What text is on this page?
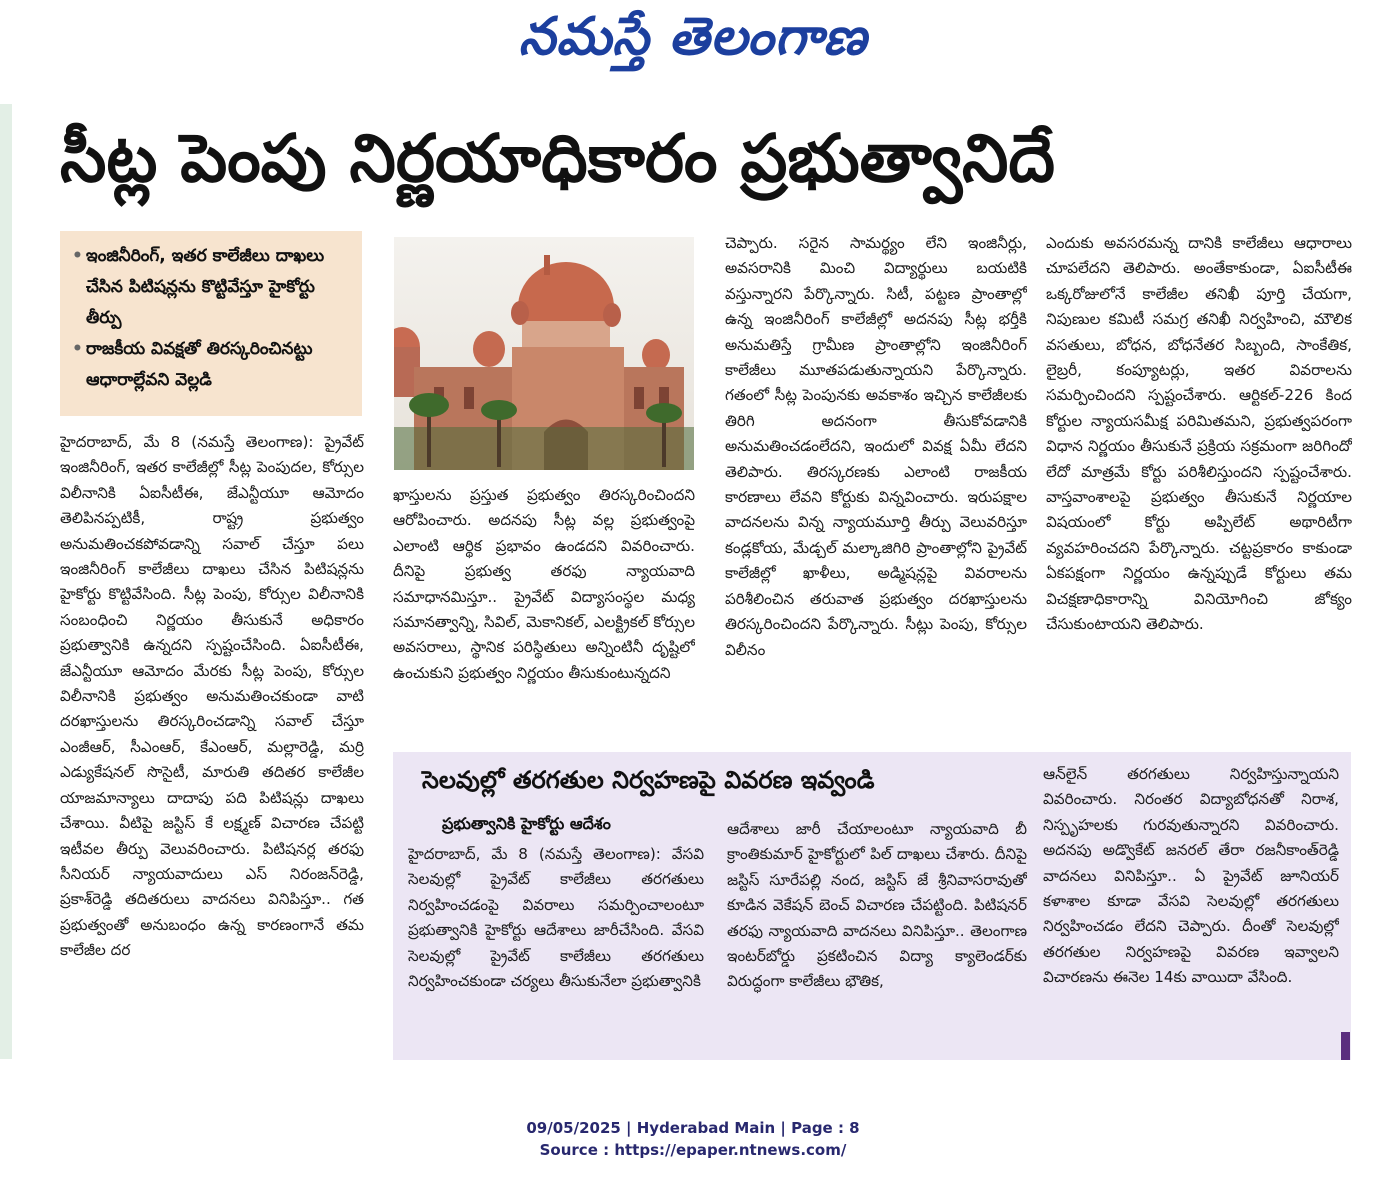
నమస్తే తెలంగాణ
సీట్ల పెంపు నిర్ణయాధికారం ప్రభుత్వానిదే
• ఇంజినీరింగ్, ఇతర కాలేజీలు దాఖలు చేసిన పిటిషన్లను కొట్టివేస్తూ హైకోర్టు తీర్పు
• రాజకీయ వివక్షతో తిరస్కరించినట్టు ఆధారాల్లేవని వెల్లడి
హైదరాబాద్, మే 8 (నమస్తే తెలంగాణ): ప్రైవేట్ ఇంజినీరింగ్, ఇతర కాలేజీల్లో సీట్ల పెంపుదల, కోర్సుల విలీనానికి ఏఐసీటీఈ, జేఎన్టీయూ ఆమోదం తెలిపినప్పటికీ, రాష్ట్ర ప్రభుత్వం అనుమతించకపోవడాన్ని సవాల్ చేస్తూ పలు ఇంజినీరింగ్ కాలేజీలు దాఖలు చేసిన పిటిషన్లను హైకోర్టు కొట్టివేసింది. సీట్ల పెంపు, కోర్సుల విలీనానికి సంబంధించి నిర్ణయం తీసుకునే అధికారం ప్రభుత్వానికి ఉన్నదని స్పష్టంచేసింది. ఏఐసీటీఈ, జేఎన్టీయూ ఆమోదం మేరకు సీట్ల పెంపు, కోర్సుల విలీనానికి ప్రభుత్వం అనుమతించకుండా వాటి దరఖాస్తులను తిరస్కరించడాన్ని సవాల్ చేస్తూ ఎంజీఆర్, సీఎంఆర్, కేఎంఆర్, మల్లారెడ్డి, మర్రి ఎడ్యుకేషనల్ సొసైటీ, మారుతి తదితర కాలేజీల యాజమాన్యాలు దాదాపు పది పిటిషన్లు దాఖలు చేశాయి. వీటిపై జస్టిస్ కే లక్ష్మణ్ విచారణ చేపట్టి ఇటీవల తీర్పు వెలువరించారు. పిటిషనర్ల తరఫు సీనియర్ న్యాయవాదులు ఎస్ నిరంజన్‌రెడ్డి, ప్రకాశ్‌రెడ్డి తదితరులు వాదనలు వినిపిస్తూ.. గత ప్రభుత్వంతో అనుబంధం ఉన్న కారణంగానే తమ కాలేజీల దర
ఖాస్తులను ప్రస్తుత ప్రభుత్వం తిరస్కరించిందని ఆరోపించారు. అదనపు సీట్ల వల్ల ప్రభుత్వంపై ఎలాంటి ఆర్థిక ప్రభావం ఉండదని వివరించారు. దీనిపై ప్రభుత్వ తరఫు న్యాయవాది సమాధానమిస్తూ.. ప్రైవేట్ విద్యాసంస్థల మధ్య సమానత్వాన్ని, సివిల్, మెకానికల్, ఎలక్ట్రికల్ కోర్సుల అవసరాలు, స్థానిక పరిస్థితులు అన్నింటినీ దృష్టిలో ఉంచుకుని ప్రభుత్వం నిర్ణయం తీసుకుంటున్నదని
చెప్పారు. సరైన సామర్థ్యం లేని ఇంజినీర్లు, అవసరానికి మించి విద్యార్థులు బయటికి వస్తున్నారని పేర్కొన్నారు. సిటీ, పట్టణ ప్రాంతాల్లో ఉన్న ఇంజినీరింగ్ కాలేజీల్లో అదనపు సీట్ల భర్తీకి అనుమతిస్తే గ్రామీణ ప్రాంతాల్లోని ఇంజినీరింగ్ కాలేజీలు మూతపడుతున్నాయని పేర్కొన్నారు. గతంలో సీట్ల పెంపునకు అవకాశం ఇచ్చిన కాలేజీలకు తిరిగి అదనంగా తీసుకోవడానికి అనుమతించడంలేదని, ఇందులో వివక్ష ఏమీ లేదని తెలిపారు. తిరస్కరణకు ఎలాంటి రాజకీయ కారణాలు లేవని కోర్టుకు విన్నవించారు. ఇరుపక్షాల వాదనలను విన్న న్యాయమూర్తి తీర్పు వెలువరిస్తూ కండ్లకోయ, మేడ్చల్ మల్కాజిగిరి ప్రాంతాల్లోని ప్రైవేట్ కాలేజీల్లో ఖాళీలు, అడ్మిషన్లపై వివరాలను పరిశీలించిన తరువాత ప్రభుత్వం దరఖాస్తులను తిరస్కరించిందని పేర్కొన్నారు. సీట్లు పెంపు, కోర్సుల విలీనం
ఎందుకు అవసరమన్న దానికి కాలేజీలు ఆధారాలు చూపలేదని తెలిపారు. అంతేకాకుండా, ఏఐసీటీఈ ఒక్కరోజులోనే కాలేజీల తనిఖీ పూర్తి చేయగా, నిపుణుల కమిటీ సమగ్ర తనిఖీ నిర్వహించి, మౌలిక వసతులు, బోధన, బోధనేతర సిబ్బంది, సాంకేతిక, లైబ్రరీ, కంప్యూటర్లు, ఇతర వివరాలను సమర్పించిందని స్పష్టంచేశారు. ఆర్టికల్-226 కింద కోర్టుల న్యాయసమీక్ష పరిమితమని, ప్రభుత్వపరంగా విధాన నిర్ణయం తీసుకునే ప్రక్రియ సక్రమంగా జరిగిందో లేదో మాత్రమే కోర్టు పరిశీలిస్తుందని స్పష్టంచేశారు. వాస్తవాంశాలపై ప్రభుత్వం తీసుకునే నిర్ణయాల విషయంలో కోర్టు అప్పిలేట్ అథారిటీగా వ్యవహరించదని పేర్కొన్నారు. చట్టప్రకారం కాకుండా ఏకపక్షంగా నిర్ణయం ఉన్నప్పుడే కోర్టులు తమ విచక్షణాధికారాన్ని వినియోగించి జోక్యం చేసుకుంటాయని తెలిపారు.
సెలవుల్లో తరగతుల నిర్వహణపై వివరణ ఇవ్వండి
ప్రభుత్వానికి హైకోర్టు ఆదేశం
హైదరాబాద్, మే 8 (నమస్తే తెలంగాణ): వేసవి సెలవుల్లో ప్రైవేట్ కాలేజీలు తరగతులు నిర్వహించడంపై వివరాలు సమర్పించాలంటూ ప్రభుత్వానికి హైకోర్టు ఆదేశాలు జారీచేసింది. వేసవి సెలవుల్లో ప్రైవేట్ కాలేజీలు తరగతులు నిర్వహించకుండా చర్యలు తీసుకునేలా ప్రభుత్వానికి
ఆదేశాలు జారీ చేయాలంటూ న్యాయవాది బీ క్రాంతికుమార్ హైకోర్టులో పిల్ దాఖలు చేశారు. దీనిపై జస్టిస్ సూరేపల్లి నంద, జస్టిస్ జే శ్రీనివాసరావుతో కూడిన వెకేషన్ బెంచ్ విచారణ చేపట్టింది. పిటిషనర్ తరఫు న్యాయవాది వాదనలు వినిపిస్తూ.. తెలంగాణ ఇంటర్‌బోర్డు ప్రకటించిన విద్యా క్యాలెండర్‌కు విరుద్ధంగా కాలేజీలు భౌతిక,
ఆన్‌లైన్ తరగతులు నిర్వహిస్తున్నాయని వివరించారు. నిరంతర విద్యాబోధనతో నిరాశ, నిస్పృహలకు గురవుతున్నారని వివరించారు. అదనపు అడ్వొకేట్ జనరల్ తేరా రజనీకాంత్‌రెడ్డి వాదనలు వినిపిస్తూ.. ఏ ప్రైవేట్ జూనియర్ కళాశాల కూడా వేసవి సెలవుల్లో తరగతులు నిర్వహించడం లేదని చెప్పారు. దీంతో సెలవుల్లో తరగతుల నిర్వహణపై వివరణ ఇవ్వాలని విచారణను ఈనెల 14కు వాయిదా వేసింది.
09/05/2025 | Hyderabad Main | Page : 8
Source : https://epaper.ntnews.com/
